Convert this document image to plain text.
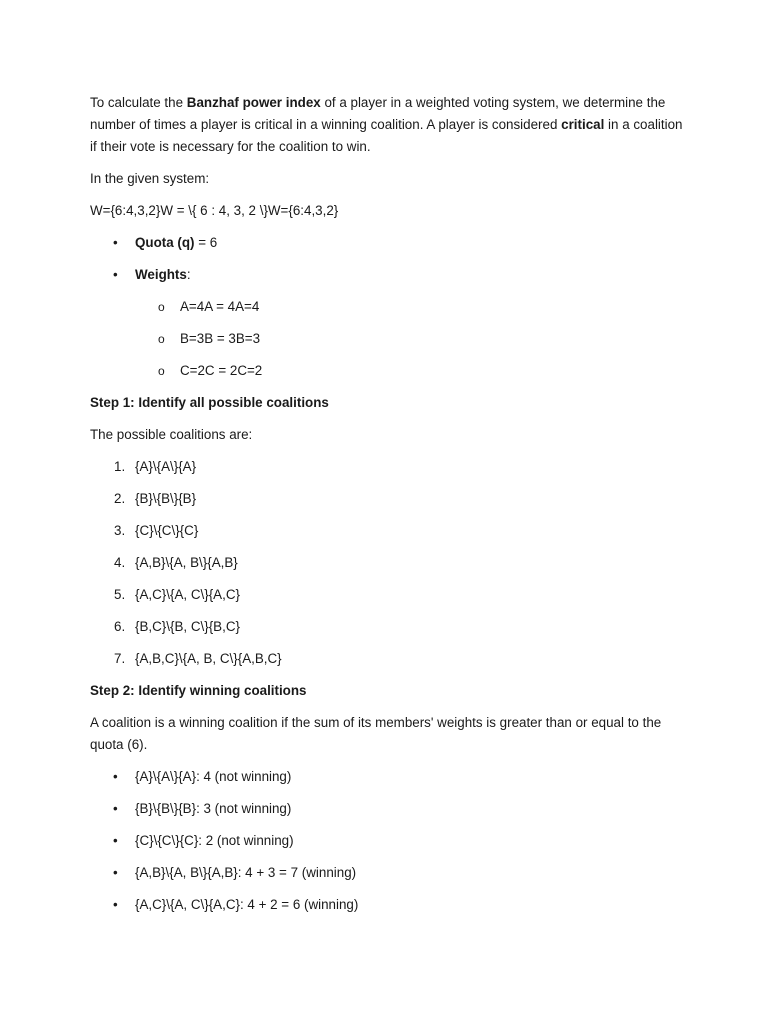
To calculate the Banzhaf power index of a player in a weighted voting system, we determine the number of times a player is critical in a winning coalition. A player is considered critical in a coalition if their vote is necessary for the coalition to win.

In the given system:

W={6:4,3,2}W = \{ 6 : 4, 3, 2 \}W={6:4,3,2}

• Quota (q) = 6
• Weights:
o A=4A = 4A=4
o B=3B = 3B=3
o C=2C = 2C=2

Step 1: Identify all possible coalitions

The possible coalitions are:

1. {A}\{A\}{A}
2. {B}\{B\}{B}
3. {C}\{C\}{C}
4. {A,B}\{A, B\}{A,B}
5. {A,C}\{A, C\}{A,C}
6. {B,C}\{B, C\}{B,C}
7. {A,B,C}\{A, B, C\}{A,B,C}

Step 2: Identify winning coalitions

A coalition is a winning coalition if the sum of its members' weights is greater than or equal to the quota (6).

• {A}\{A\}{A}: 4 (not winning)
• {B}\{B\}{B}: 3 (not winning)
• {C}\{C\}{C}: 2 (not winning)
• {A,B}\{A, B\}{A,B}: 4 + 3 = 7 (winning)
• {A,C}\{A, C\}{A,C}: 4 + 2 = 6 (winning)
